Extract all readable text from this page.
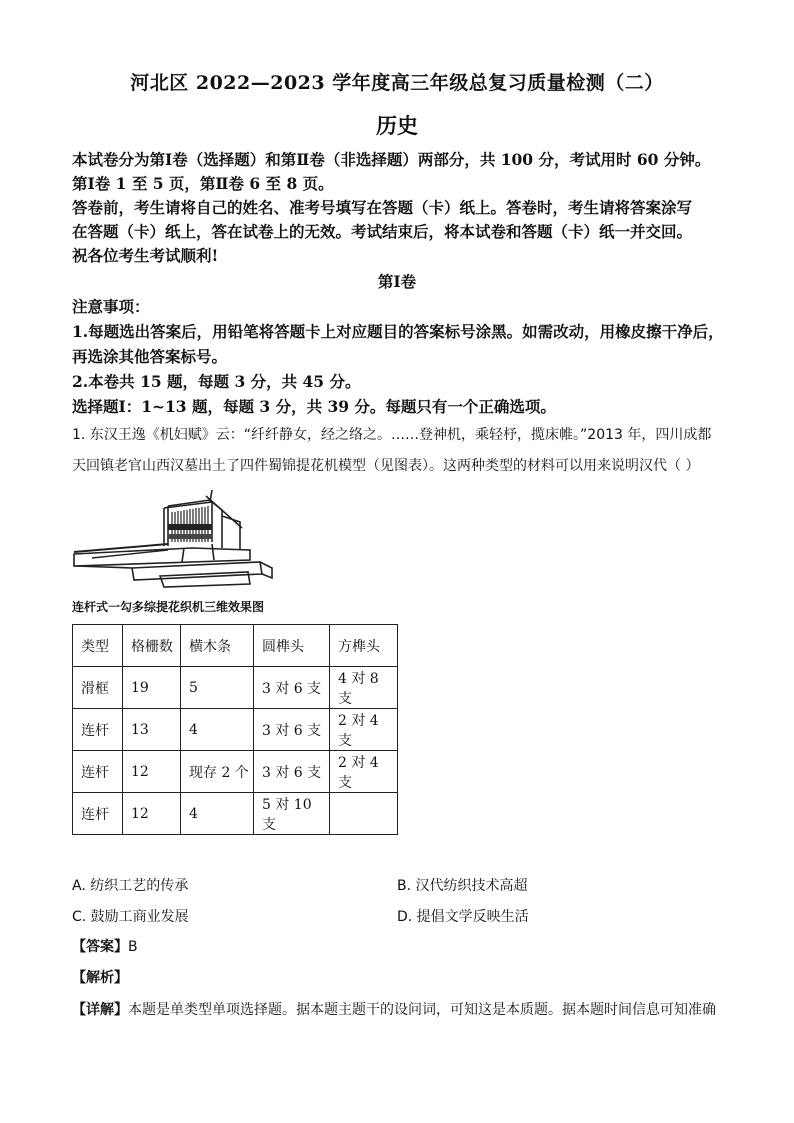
河北区 2022—2023 学年度高三年级总复习质量检测（二）
历史
本试卷分为第Ⅰ卷（选择题）和第Ⅱ卷（非选择题）两部分，共 100 分，考试用时 60 分钟。
第Ⅰ卷 1 至 5 页，第Ⅱ卷 6 至 8 页。
答卷前，考生请将自己的姓名、准考号填写在答题（卡）纸上。答卷时，考生请将答案涂写
在答题（卡）纸上，答在试卷上的无效。考试结束后，将本试卷和答题（卡）纸一并交回。
祝各位考生考试顺利!
第Ⅰ卷
注意事项：
1.每题选出答案后，用铅笔将答题卡上对应题目的答案标号涂黑。如需改动，用橡皮擦干净后，
再选涂其他答案标号。
2.本卷共 15 题，每题 3 分，共 45 分。
选择题Ⅰ：1~13 题，每题 3 分，共 39 分。每题只有一个正确选项。
1. 东汉王逸《机妇赋》云：“纤纤静女，经之络之。……登神机，乘轻杼，揽床帷。”2013 年，四川成都
天回镇老官山西汉墓出土了四件蜀锦提花机模型（见图表）。这两种类型的材料可以用来说明汉代（ ）
连杆式一勾多综提花织机三维效果图
类型	格栅数	横木条	圆榫头	方榫头
滑框	19	5	3 对 6 支	4 对 8 支
连杆	13	4	3 对 6 支	2 对 4 支
连杆	12	现存 2 个	3 对 6 支	2 对 4 支
连杆	12	4	5 对 10 支	
A. 纺织工艺的传承	B. 汉代纺织技术高超
C. 鼓励工商业发展	D. 提倡文学反映生活
【答案】B
【解析】
【详解】本题是单类型单项选择题。据本题主题干的设问词，可知这是本质题。据本题时间信息可知准确
